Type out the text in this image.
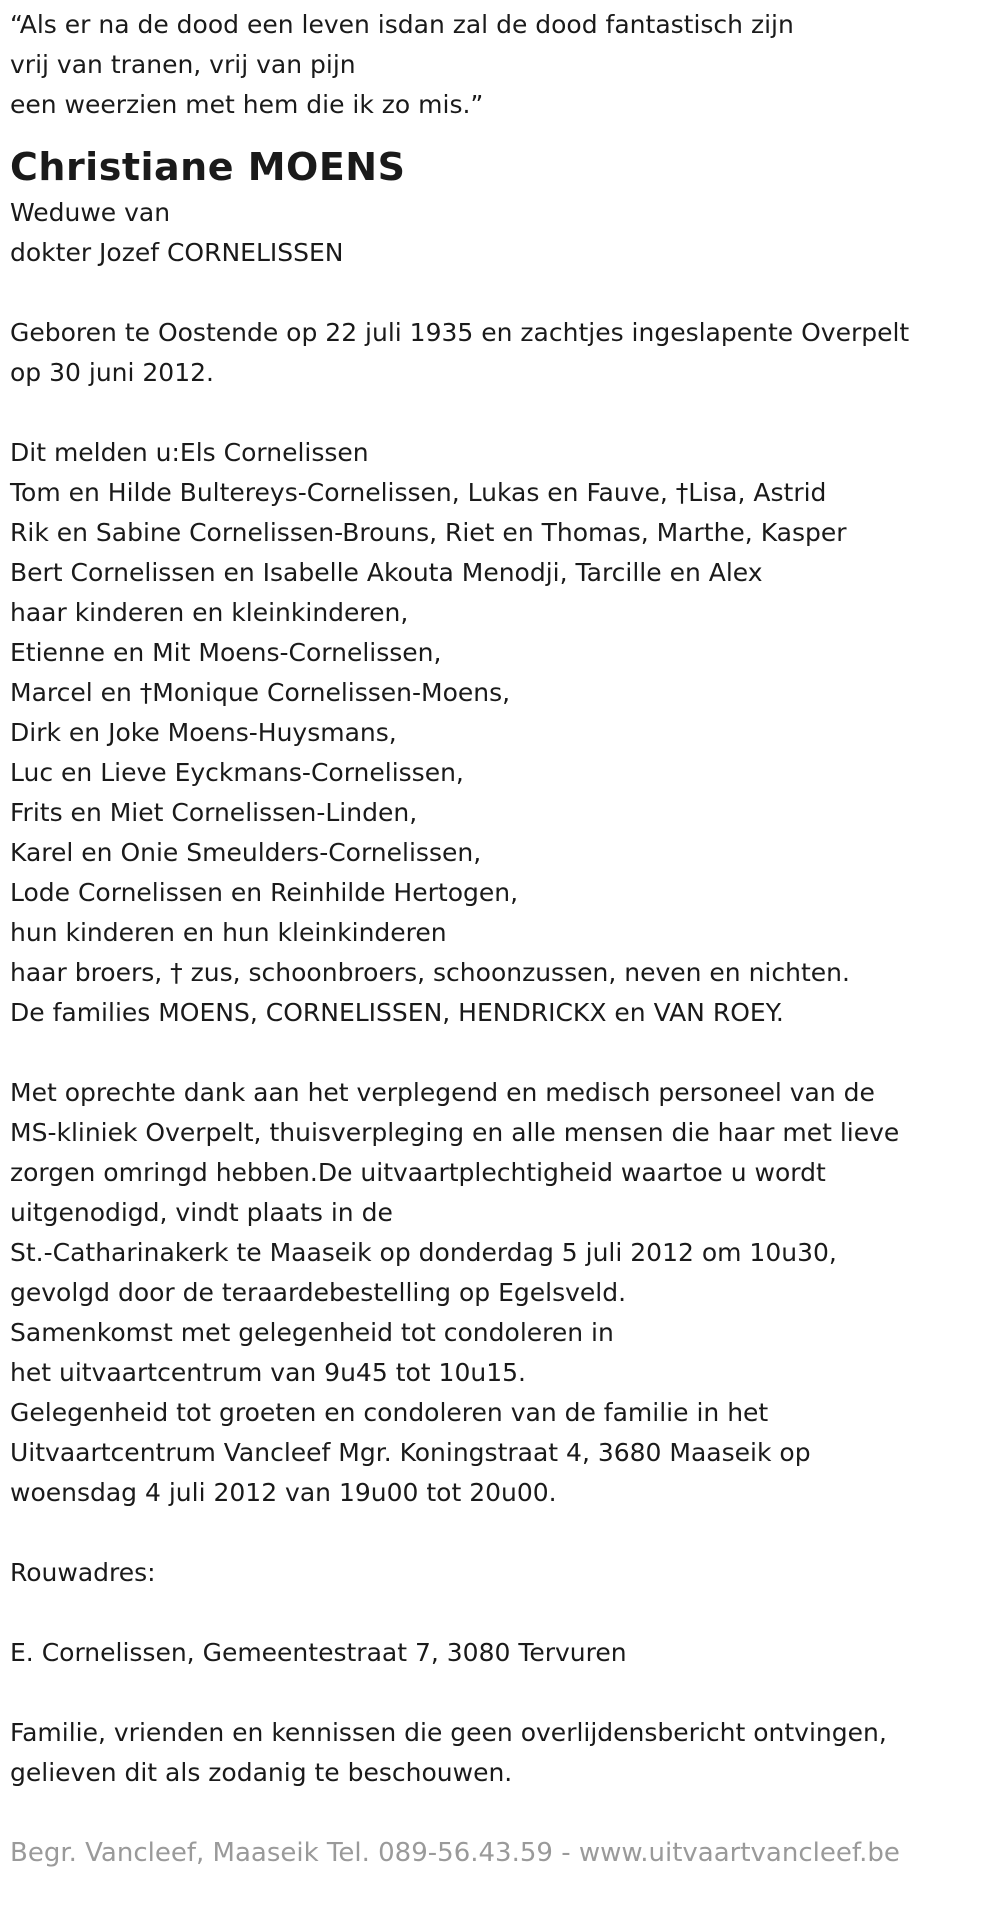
“Als er na de dood een leven isdan zal de dood fantastisch zijn
vrij van tranen, vrij van pijn
een weerzien met hem die ik zo mis.”
Christiane MOENS
Weduwe van
dokter Jozef CORNELISSEN
Geboren te Oostende op 22 juli 1935 en zachtjes ingeslapente Overpelt
op 30 juni 2012.
Dit melden u:Els Cornelissen
Tom en Hilde Bultereys-Cornelissen, Lukas en Fauve, †Lisa, Astrid
Rik en Sabine Cornelissen-Brouns, Riet en Thomas, Marthe, Kasper
Bert Cornelissen en Isabelle Akouta Menodji, Tarcille en Alex
haar kinderen en kleinkinderen,
Etienne en Mit Moens-Cornelissen,
Marcel en †Monique Cornelissen-Moens,
Dirk en Joke Moens-Huysmans,
Luc en Lieve Eyckmans-Cornelissen,
Frits en Miet Cornelissen-Linden,
Karel en Onie Smeulders-Cornelissen,
Lode Cornelissen en Reinhilde Hertogen,
hun kinderen en hun kleinkinderen
haar broers, † zus, schoonbroers, schoonzussen, neven en nichten.
De families MOENS, CORNELISSEN, HENDRICKX en VAN ROEY.
Met oprechte dank aan het verplegend en medisch personeel van de
MS-kliniek Overpelt, thuisverpleging en alle mensen die haar met lieve
zorgen omringd hebben.De uitvaartplechtigheid waartoe u wordt
uitgenodigd, vindt plaats in de
St.-Catharinakerk te Maaseik op donderdag 5 juli 2012 om 10u30,
gevolgd door de teraardebestelling op Egelsveld.
Samenkomst met gelegenheid tot condoleren in
het uitvaartcentrum van 9u45 tot 10u15.
Gelegenheid tot groeten en condoleren van de familie in het
Uitvaartcentrum Vancleef Mgr. Koningstraat 4, 3680 Maaseik op
woensdag 4 juli 2012 van 19u00 tot 20u00.
Rouwadres:
E. Cornelissen, Gemeentestraat 7, 3080 Tervuren
Familie, vrienden en kennissen die geen overlijdensbericht ontvingen,
gelieven dit als zodanig te beschouwen.
Begr. Vancleef, Maaseik Tel. 089-56.43.59 - www.uitvaartvancleef.be
